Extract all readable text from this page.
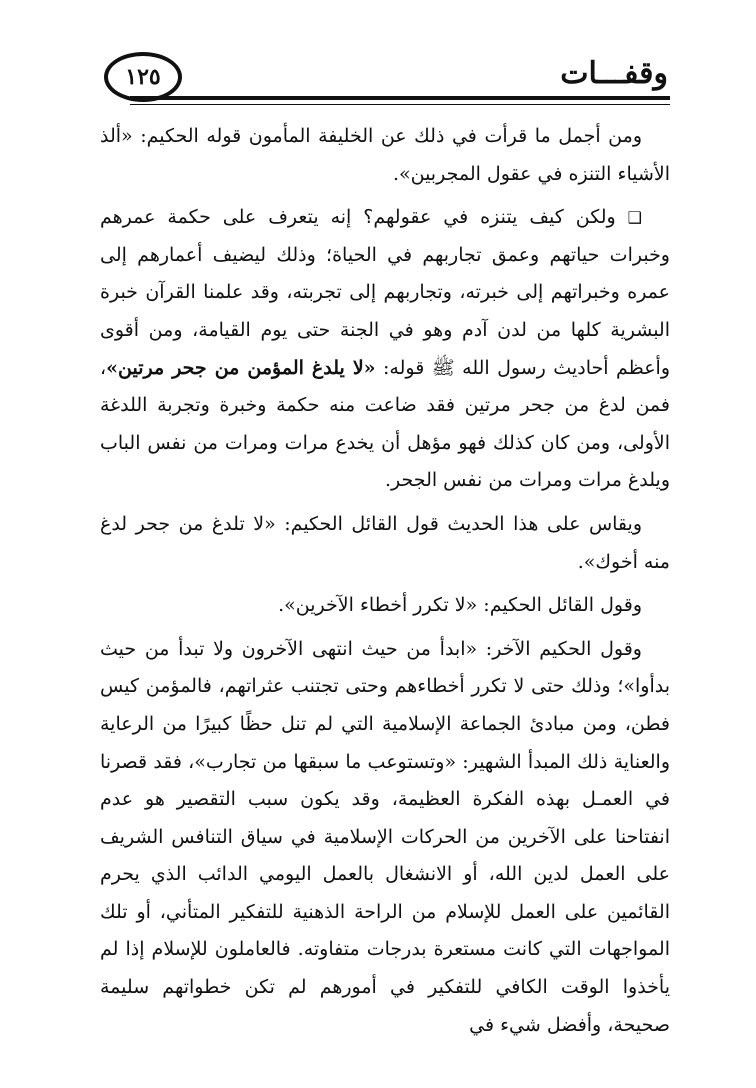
١٢٥	وقفـــات

ومن أجمل ما قرأت في ذلك عن الخليفة المأمون قوله الحكيم: «ألذ الأشياء التنزه في عقول المجربين».

❑ ولكن كيف يتنزه في عقولهم؟ إنه يتعرف على حكمة عمرهم وخبرات حياتهم وعمق تجاربهم في الحياة؛ وذلك ليضيف أعمارهم إلى عمره وخبراتهم إلى خبرته، وتجاربهم إلى تجربته، وقد علمنا القرآن خبرة البشرية كلها من لدن آدم وهو في الجنة حتى يوم القيامة، ومن أقوى وأعظم أحاديث رسول الله ﷺ قوله: «لا يلدغ المؤمن من جحر مرتين»، فمن لدغ من جحر مرتين فقد ضاعت منه حكمة وخبرة وتجربة اللدغة الأولى، ومن كان كذلك فهو مؤهل أن يخدع مرات ومرات من نفس الباب ويلدغ مرات ومرات من نفس الجحر.

ويقاس على هذا الحديث قول القائل الحكيم: «لا تلدغ من جحر لدغ منه أخوك».

وقول القائل الحكيم: «لا تكرر أخطاء الآخرين».

وقول الحكيم الآخر: «ابدأ من حيث انتهى الآخرون ولا تبدأ من حيث بدأوا»؛ وذلك حتى لا تكرر أخطاءهم وحتى تجتنب عثراتهم، فالمؤمن كيس فطن، ومن مبادئ الجماعة الإسلامية التي لم تنل حظًا كبيرًا من الرعاية والعناية ذلك المبدأ الشهير: «وتستوعب ما سبقها من تجارب»، فقد قصرنا في العمـل بهذه الفكرة العظيمة، وقد يكون سبب التقصير هو عدم انفتاحنا على الآخرين من الحركات الإسلامية في سياق التنافس الشريف على العمل لدين الله، أو الانشغال بالعمل اليومي الدائب الذي يحرم القائمين على العمل للإسلام من الراحة الذهنية للتفكير المتأني، أو تلك المواجهات التي كانت مستعرة بدرجات متفاوته. فالعاملون للإسلام إذا لم يأخذوا الوقت الكافي للتفكير في أمورهم لم تكن خطواتهم سليمة صحيحة، وأفضل شيء في
